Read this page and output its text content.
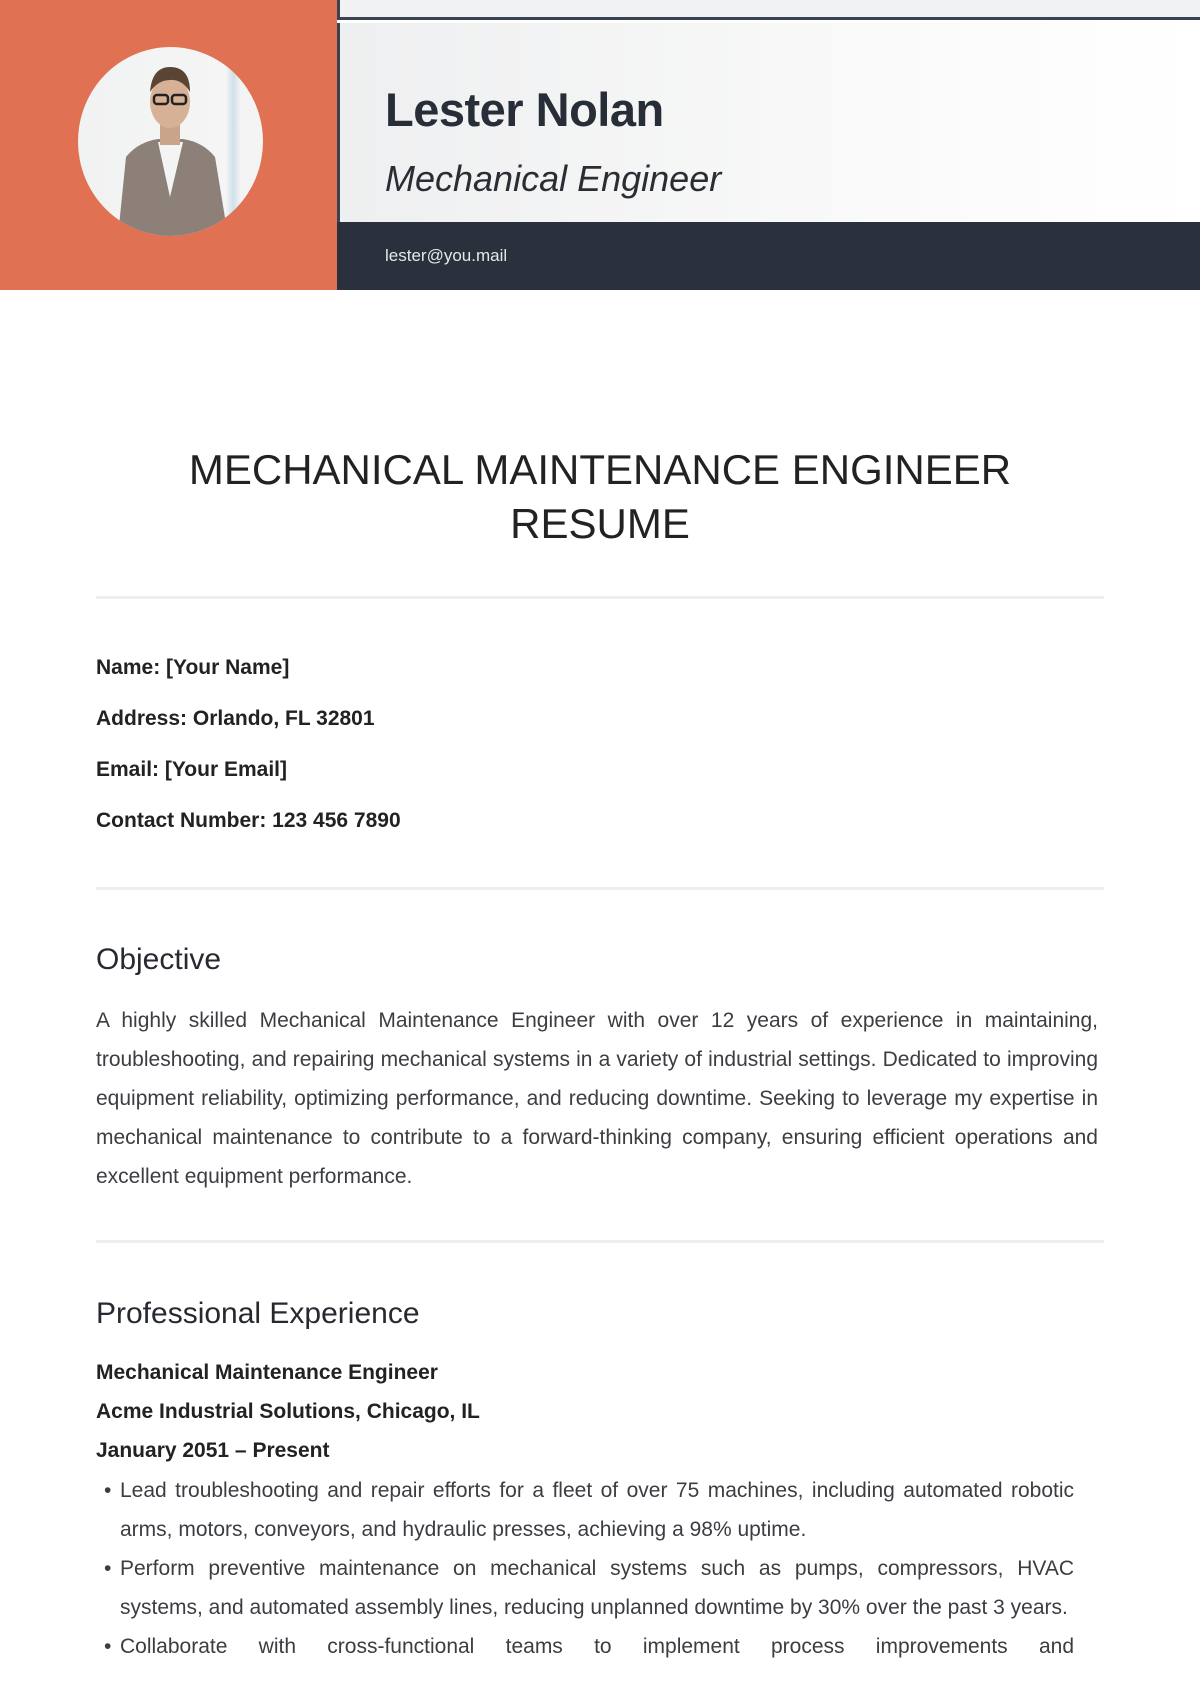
Lester Nolan
Mechanical Engineer
lester@you.mail
MECHANICAL MAINTENANCE ENGINEER
RESUME
Name: [Your Name]
Address: Orlando, FL 32801
Email: [Your Email]
Contact Number: 123 456 7890
Objective
A highly skilled Mechanical Maintenance Engineer with over 12 years of experience in maintaining, troubleshooting, and repairing mechanical systems in a variety of industrial settings. Dedicated to improving equipment reliability, optimizing performance, and reducing downtime. Seeking to leverage my expertise in mechanical maintenance to contribute to a forward-thinking company, ensuring efficient operations and excellent equipment performance.
Professional Experience
Mechanical Maintenance Engineer
Acme Industrial Solutions, Chicago, IL
January 2051 – Present
• Lead troubleshooting and repair efforts for a fleet of over 75 machines, including automated robotic arms, motors, conveyors, and hydraulic presses, achieving a 98% uptime.
• Perform preventive maintenance on mechanical systems such as pumps, compressors, HVAC systems, and automated assembly lines, reducing unplanned downtime by 30% over the past 3 years.
• Collaborate with cross-functional teams to implement process improvements and
